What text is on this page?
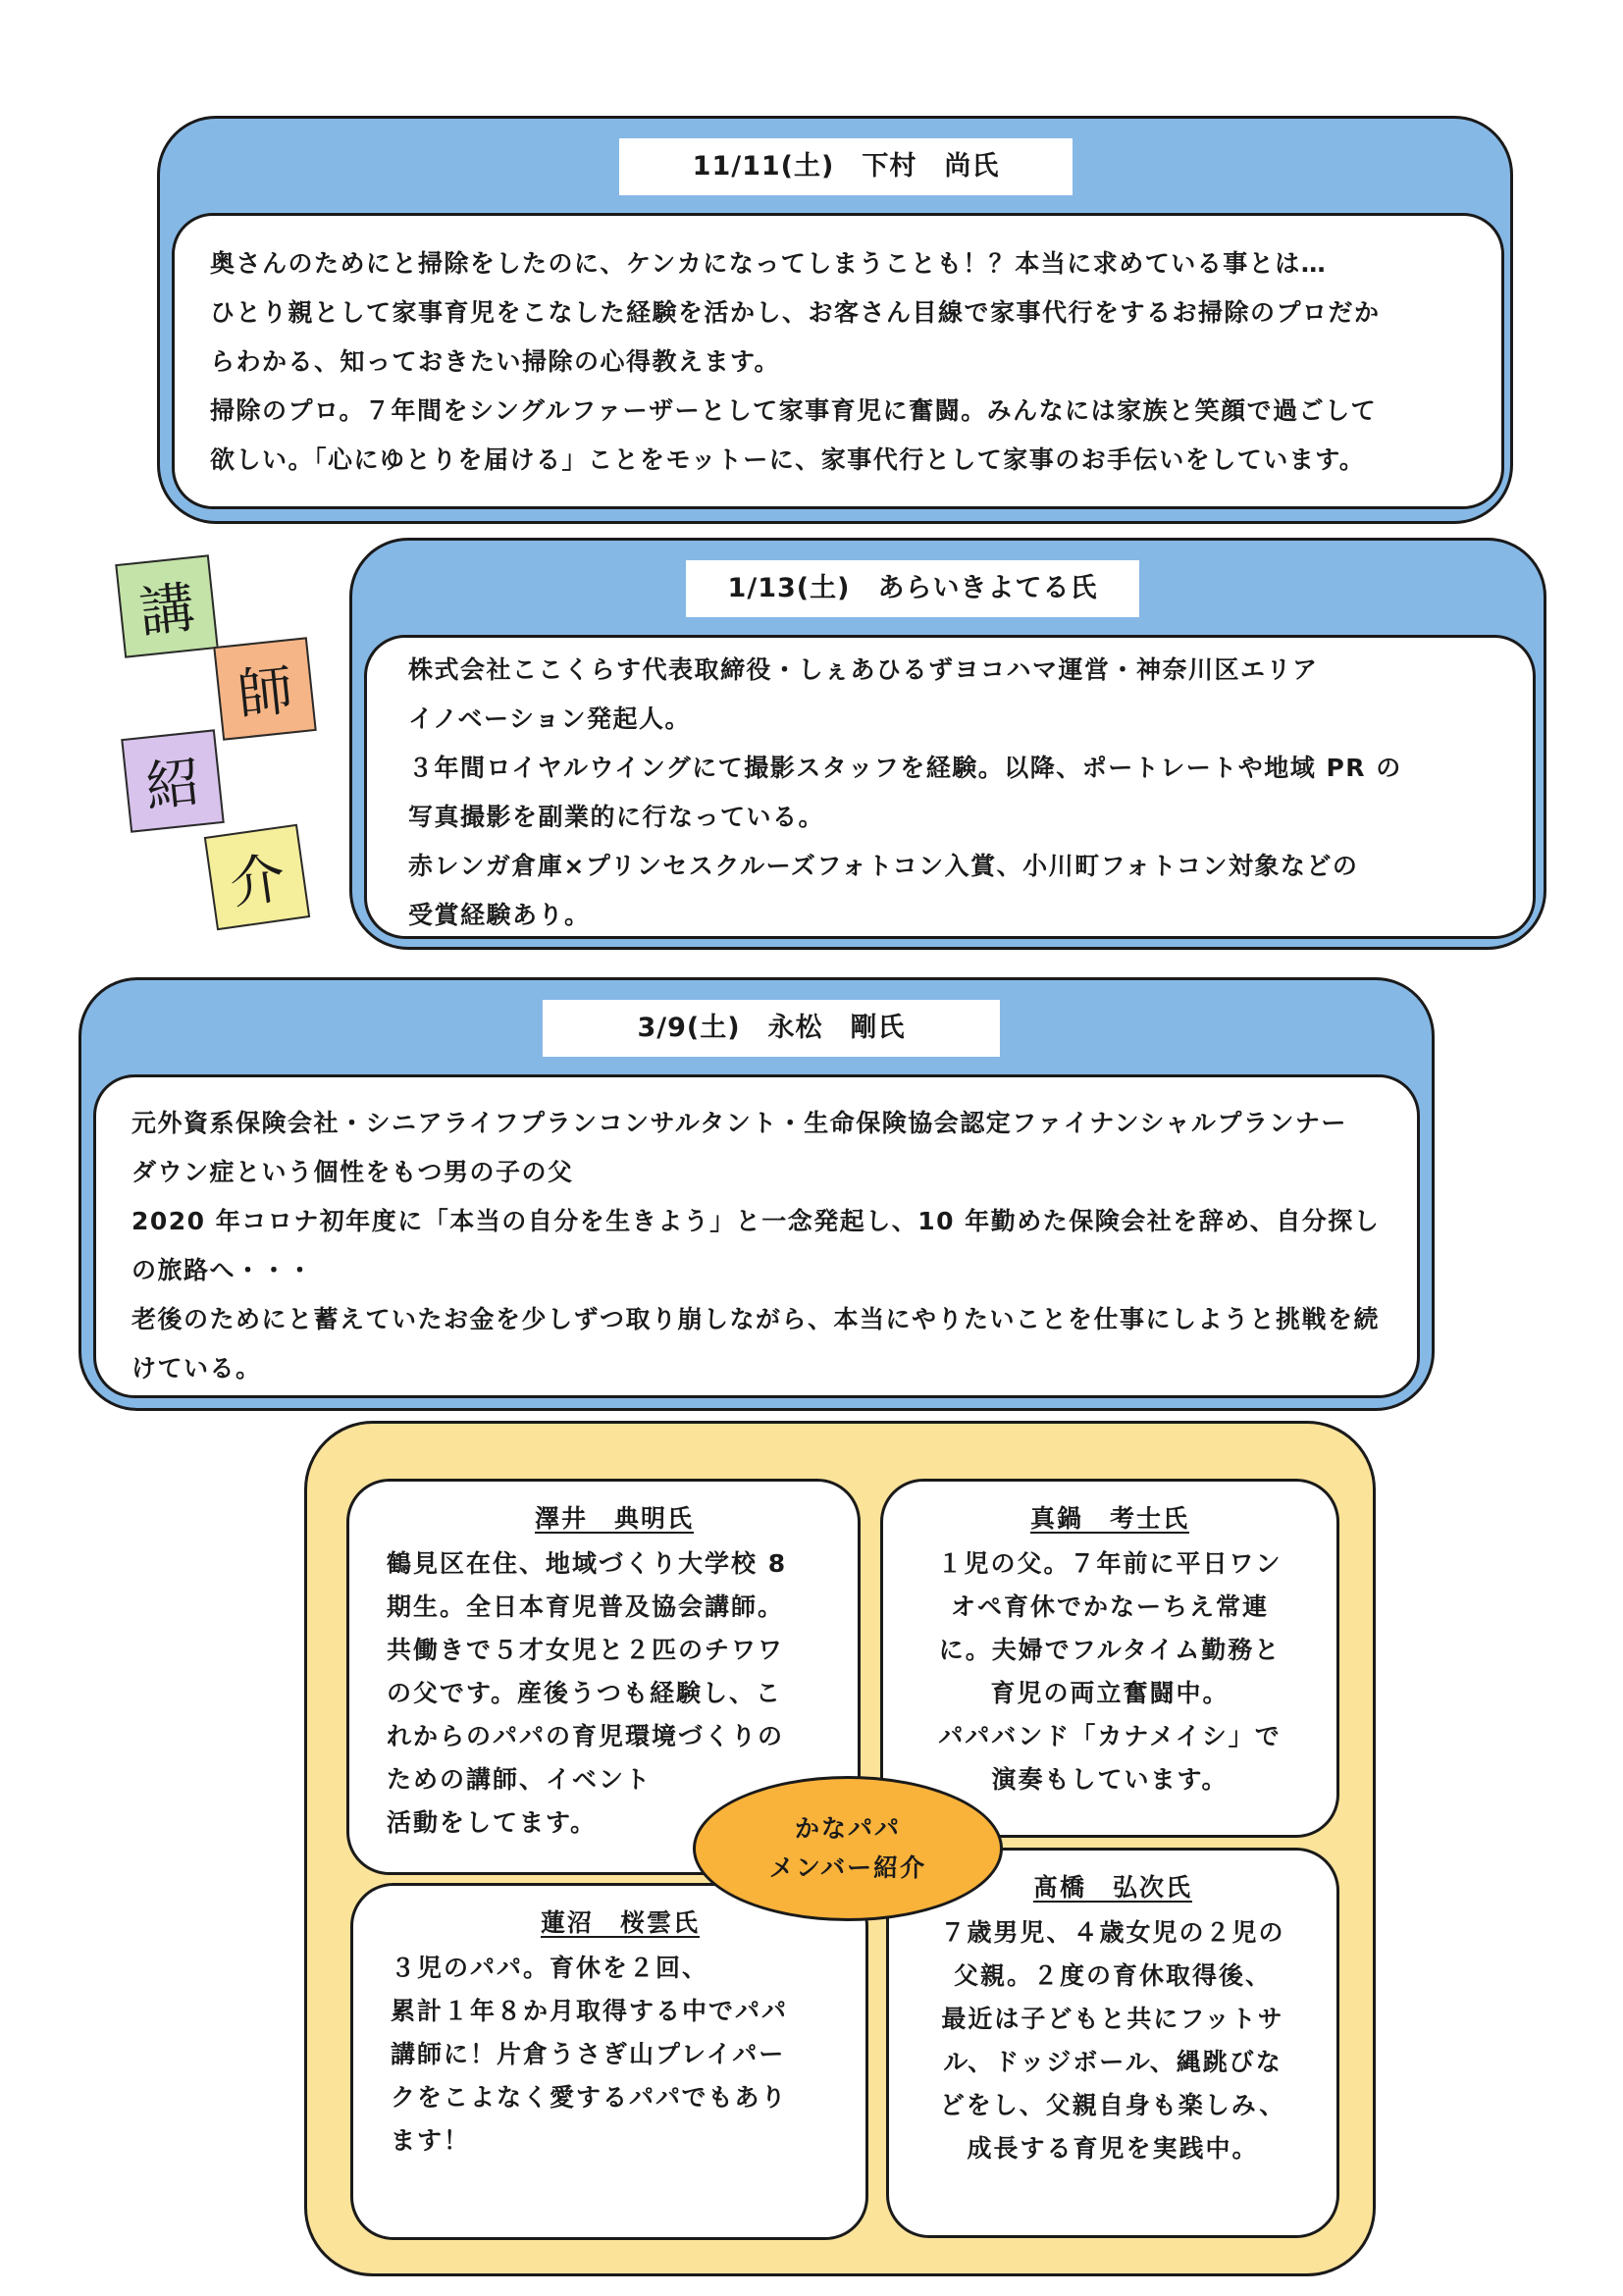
11/11(土)　下村　尚氏

奥さんのためにと掃除をしたのに、ケンカになってしまうことも！？本当に求めている事とは…

ひとり親として家事育児をこなした経験を活かし、お客さん目線で家事代行をするお掃除のプロだか

らわかる、知っておきたい掃除の心得教えます。

掃除のプロ。７年間をシングルファーザーとして家事育児に奮闘。みんなには家族と笑顔で過ごして

欲しい。「心にゆとりを届ける」ことをモットーに、家事代行として家事のお手伝いをしています。

講
師
紹
介
1/13(土)　あらいきよてる氏

株式会社ここくらす代表取締役・しぇあひるずヨコハマ運営・神奈川区エリア

イノベーション発起人。

３年間ロイヤルウイングにて撮影スタッフを経験。以降、ポートレートや地域 PR の

写真撮影を副業的に行なっている。

赤レンガ倉庫×プリンセスクルーズフォトコン入賞、小川町フォトコン対象などの

受賞経験あり。

3/9(土)　永松　剛氏

元外資系保険会社・シニアライフプランコンサルタント・生命保険協会認定ファイナンシャルプランナー

ダウン症という個性をもつ男の子の父

2020 年コロナ初年度に「本当の自分を生きよう」と一念発起し、10 年勤めた保険会社を辞め、自分探し

の旅路へ・・・

老後のためにと蓄えていたお金を少しずつ取り崩しながら、本当にやりたいことを仕事にしようと挑戦を続

けている。

澤井　典明氏

鶴見区在住、地域づくり大学校 8

期生。全日本育児普及協会講師。

共働きで５才女児と２匹のチワワ

の父です。産後うつも経験し、こ

れからのパパの育児環境づくりの

ための講師、イベント

活動をしてます。

真鍋　考士氏

１児の父。７年前に平日ワン

オペ育休でかなーちえ常連

に。夫婦でフルタイム勤務と

育児の両立奮闘中。

パパバンド「カナメイシ」で

演奏もしています。

蓮沼　桜雲氏

３児のパパ。育休を２回、

累計１年８か月取得する中でパパ

講師に！片倉うさぎ山プレイパー

クをこよなく愛するパパでもあり

ます！

髙橋　弘次氏

７歳男児、４歳女児の２児の

父親。２度の育休取得後、

最近は子どもと共にフットサ

ル、ドッジボール、縄跳びな

どをし、父親自身も楽しみ、

成長する育児を実践中。

かなパパ
メンバー紹介
